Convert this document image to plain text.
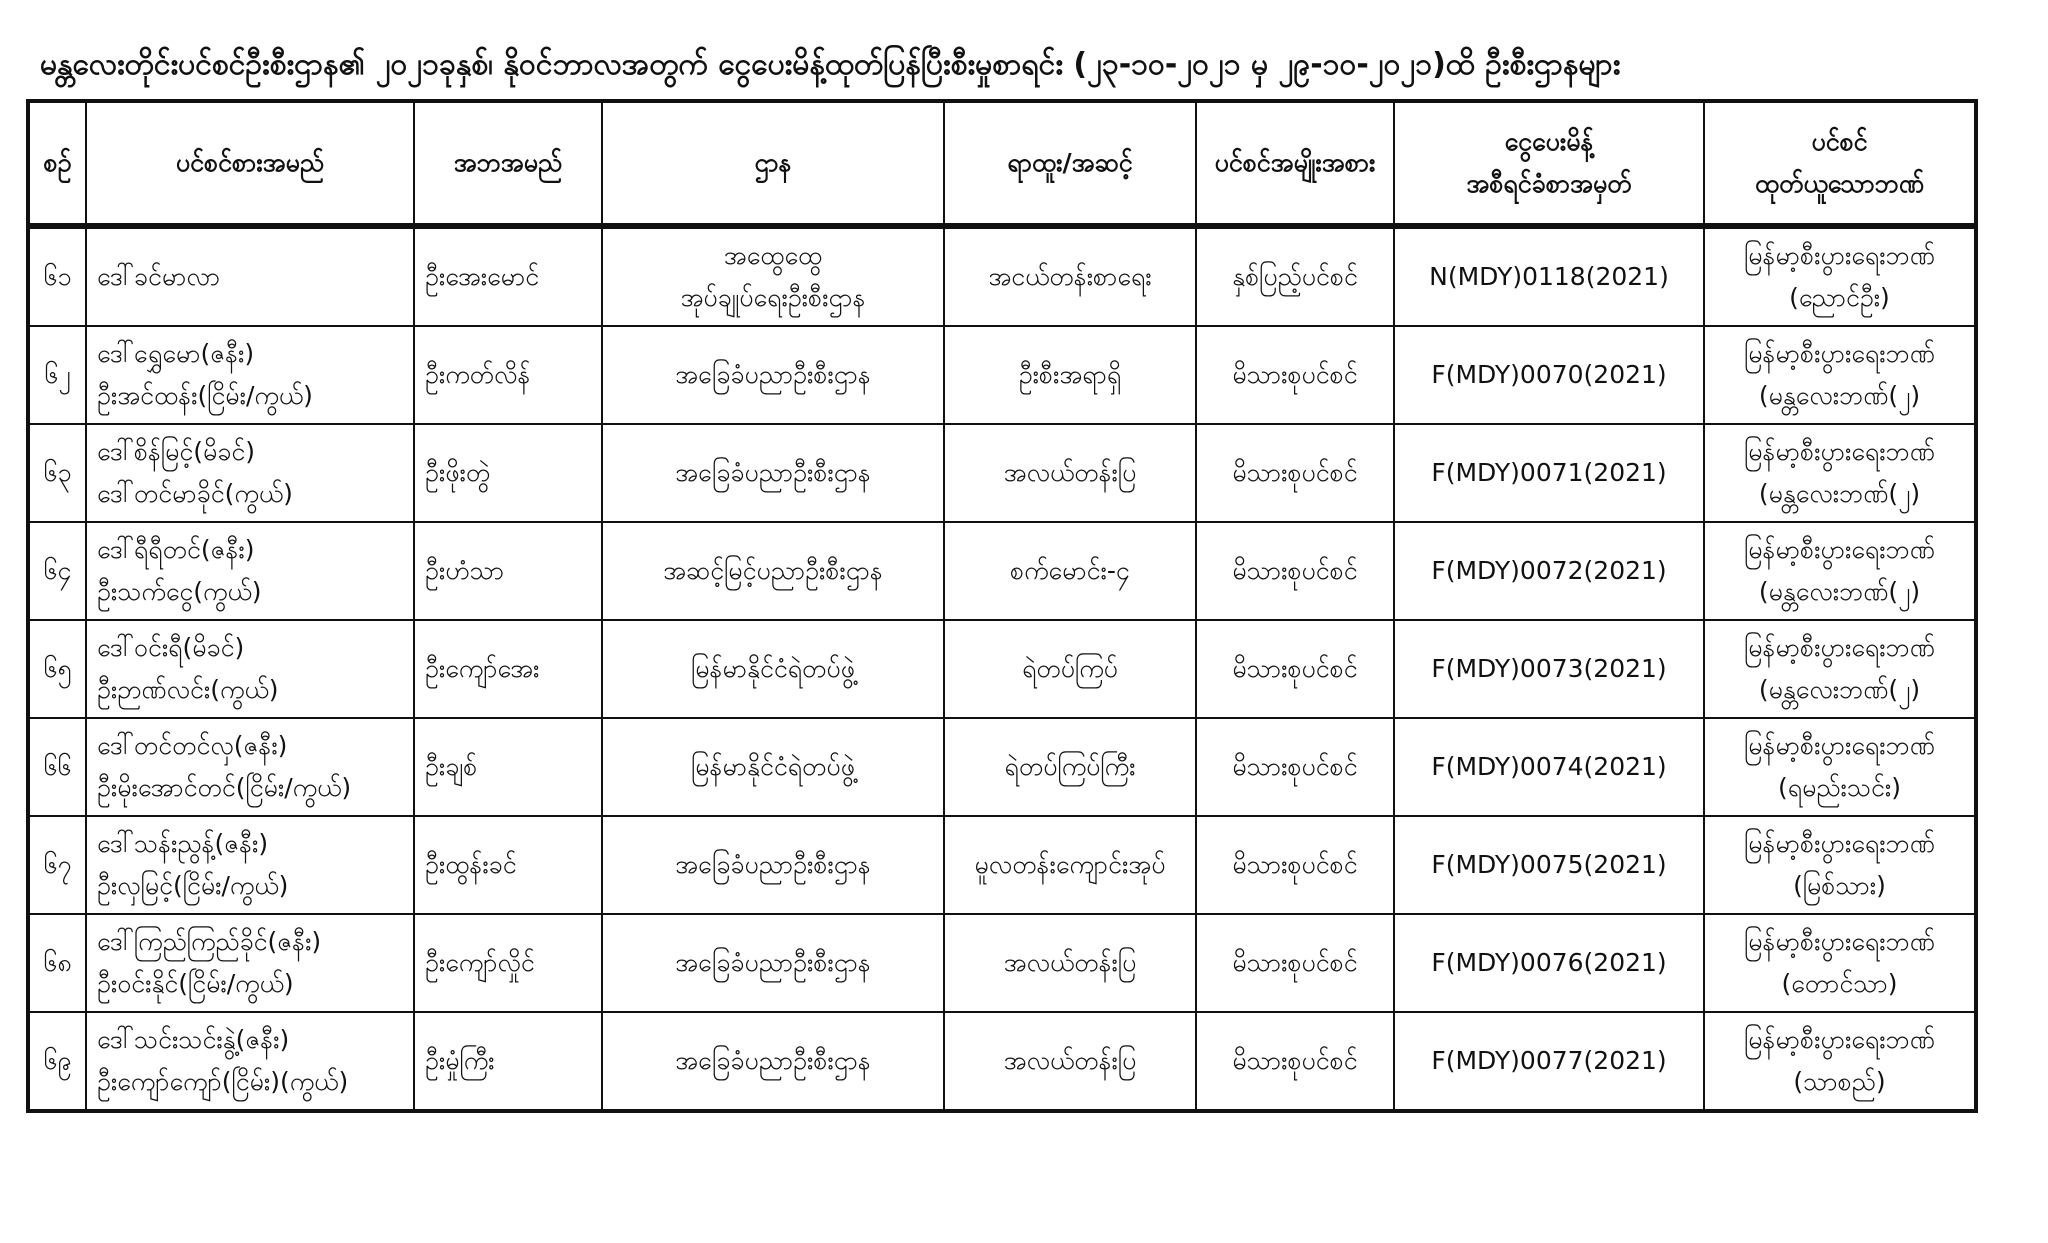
မန္တလေးတိုင်းပင်စင်ဦးစီးဌာန၏ ၂၀၂၁ခုနှစ်၊ နိုဝင်ဘာလအတွက် ငွေပေးမိန့်ထုတ်ပြန်ပြီးစီးမှုစာရင်း (၂၃-၁၀-၂၀၂၁ မှ ၂၉-၁၀-၂၀၂၁)ထိ ဦးစီးဌာနများ
စဉ်	ပင်စင်စားအမည်	အဘအမည်	ဌာန	ရာထူး/အဆင့်	ပင်စင်အမျိုးအစား	ငွေပေးမိန့်
အစီရင်ခံစာအမှတ်	ပင်စင်
ထုတ်ယူသောဘဏ်

၆၁	ဒေါ်ခင်မာလာ	ဦးအေးမောင်	အထွေထွေ
အုပ်ချုပ်ရေးဦးစီးဌာန	အငယ်တန်းစာရေး	နှစ်ပြည့်ပင်စင်	N(MDY)0118(2021)	မြန်မာ့စီးပွားရေးဘဏ်
(ညောင်ဦး)

၆၂	ဒေါ်ရွှေမော(ဇနီး)
ဦးအင်ထန်း(ငြိမ်း/ကွယ်)	ဦးကတ်လိန်	အခြေခံပညာဦးစီးဌာန	ဦးစီးအရာရှိ	မိသားစုပင်စင်	F(MDY)0070(2021)	မြန်မာ့စီးပွားရေးဘဏ်
(မန္တလေးဘဏ်(၂)

၆၃	ဒေါ်စိန်မြင့်(မိခင်)
ဒေါ်တင်မာခိုင်(ကွယ်)	ဦးဖိုးတွဲ	အခြေခံပညာဦးစီးဌာန	အလယ်တန်းပြ	မိသားစုပင်စင်	F(MDY)0071(2021)	မြန်မာ့စီးပွားရေးဘဏ်
(မန္တလေးဘဏ်(၂)

၆၄	ဒေါ်ရီရီတင်(ဇနီး)
ဦးသက်ငွေ(ကွယ်)	ဦးဟံသာ	အဆင့်မြင့်ပညာဦးစီးဌာန	စက်မောင်း-၄	မိသားစုပင်စင်	F(MDY)0072(2021)	မြန်မာ့စီးပွားရေးဘဏ်
(မန္တလေးဘဏ်(၂)

၆၅	ဒေါ်ဝင်းရီ(မိခင်)
ဦးဉာဏ်လင်း(ကွယ်)	ဦးကျော်အေး	မြန်မာနိုင်ငံရဲတပ်ဖွဲ့	ရဲတပ်ကြပ်	မိသားစုပင်စင်	F(MDY)0073(2021)	မြန်မာ့စီးပွားရေးဘဏ်
(မန္တလေးဘဏ်(၂)

၆၆	ဒေါ်တင်တင်လှ(ဇနီး)
ဦးမိုးအောင်တင်(ငြိမ်း/ကွယ်)	ဦးချစ်	မြန်မာနိုင်ငံရဲတပ်ဖွဲ့	ရဲတပ်ကြပ်ကြီး	မိသားစုပင်စင်	F(MDY)0074(2021)	မြန်မာ့စီးပွားရေးဘဏ်
(ရမည်းသင်း)

၆၇	ဒေါ်သန်းညွန့်(ဇနီး)
ဦးလှမြင့်(ငြိမ်း/ကွယ်)	ဦးထွန်းခင်	အခြေခံပညာဦးစီးဌာန	မူလတန်းကျောင်းအုပ်	မိသားစုပင်စင်	F(MDY)0075(2021)	မြန်မာ့စီးပွားရေးဘဏ်
(မြစ်သား)

၆၈	ဒေါ်ကြည်ကြည်ခိုင်(ဇနီး)
ဦးဝင်းနိုင်(ငြိမ်း/ကွယ်)	ဦးကျော်လှိုင်	အခြေခံပညာဦးစီးဌာန	အလယ်တန်းပြ	မိသားစုပင်စင်	F(MDY)0076(2021)	မြန်မာ့စီးပွားရေးဘဏ်
(တောင်သာ)

၆၉	ဒေါ်သင်းသင်းနွဲ့(ဇနီး)
ဦးကျော်ကျော်(ငြိမ်း)(ကွယ်)	ဦးမှုံကြီး	အခြေခံပညာဦးစီးဌာန	အလယ်တန်းပြ	မိသားစုပင်စင်	F(MDY)0077(2021)	မြန်မာ့စီးပွားရေးဘဏ်
(သာစည်)
